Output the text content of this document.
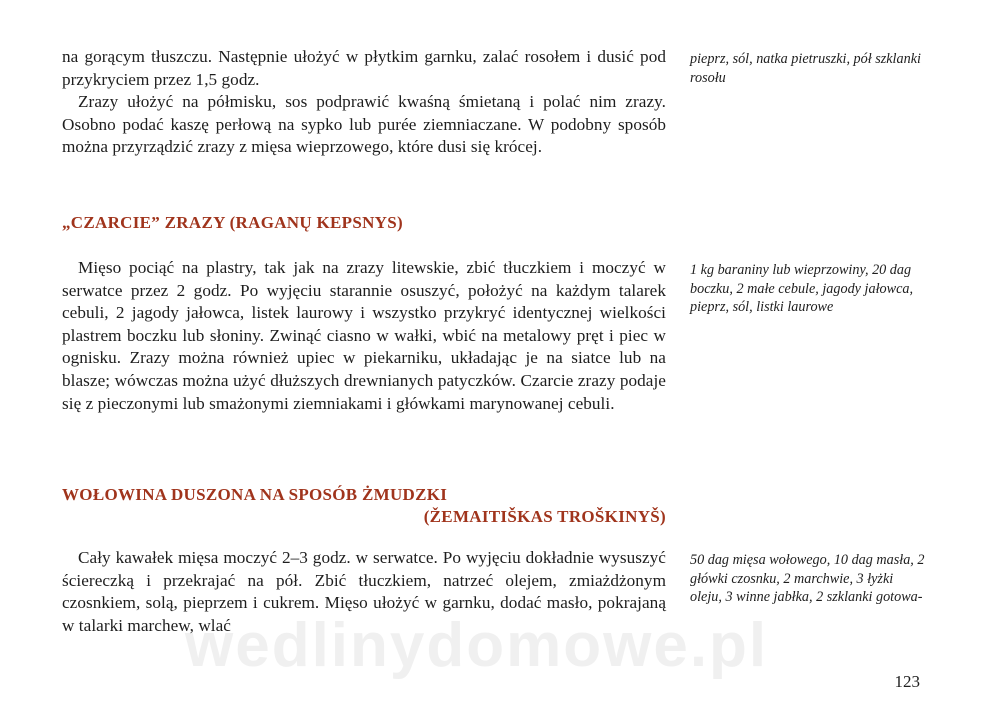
na gorącym tłuszczu. Następnie ułożyć w płytkim garnku, zalać rosołem i dusić pod przykryciem przez 1,5 godz.

Zrazy ułożyć na półmisku, sos podprawić kwaśną śmietaną i polać nim zrazy. Osobno podać kaszę perłową na sypko lub purée ziemniaczane. W podobny sposób można przyrządzić zrazy z mięsa wieprzowego, które dusi się krócej.

pieprz, sól, natka pietruszki, pół szklanki rosołu

„CZARCIE” ZRAZY (RAGANŲ KEPSNYS)

Mięso pociąć na plastry, tak jak na zrazy litewskie, zbić tłuczkiem i moczyć w serwatce przez 2 godz. Po wyjęciu starannie osuszyć, położyć na każdym talarek cebuli, 2 jagody jałowca, listek laurowy i wszystko przykryć identycznej wielkości plastrem boczku lub słoniny. Zwinąć ciasno w wałki, wbić na metalowy pręt i piec w ognisku. Zrazy można również upiec w piekarniku, układając je na siatce lub na blasze; wówczas można użyć dłuższych drewnianych patyczków. Czarcie zrazy podaje się z pieczonymi lub smażonymi ziemniakami i główkami marynowanej cebuli.

1 kg baraniny lub wieprzowiny, 20 dag boczku, 2 małe cebule, jagody jałowca, pieprz, sól, listki laurowe

WOŁOWINA DUSZONA NA SPOSÓB ŻMUDZKI
(ŽEMAITIŠKAS TROŠKINYŠ)

Cały kawałek mięsa moczyć 2–3 godz. w serwatce. Po wyjęciu dokładnie wysuszyć ściereczką i przekrajać na pół. Zbić tłuczkiem, natrzeć olejem, zmiażdżonym czosnkiem, solą, pieprzem i cukrem. Mięso ułożyć w garnku, dodać masło, pokrajaną w talarki marchew, wlać

50 dag mięsa wołowego, 10 dag masła, 2 główki czosnku, 2 marchwie, 3 łyżki oleju, 3 winne jabłka, 2 szklanki gotowa-

wedlinydomowe.pl
123
